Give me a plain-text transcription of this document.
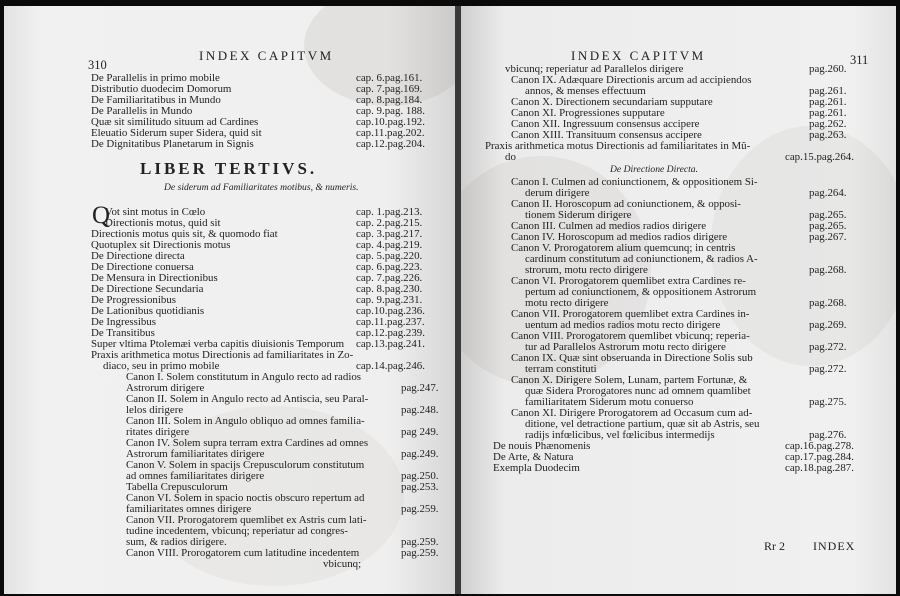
310
INDEX CAPITVM
De Parallelis in primo mobile	cap. 6.pag.161.
Distributio duodecim Domorum	cap. 7.pag.169.
De Familiaritatibus in Mundo	cap. 8.pag.184.
De Parallelis in Mundo	cap. 9.pag. 188.
Quæ sit similitudo situum ad Cardines	cap.10.pag.192.
Eleuatio Siderum super Sidera, quid sit	cap.11.pag.202.
De Dignitatibus Planetarum in Signis	cap.12.pag.204.
LIBER TERTIVS.
De siderum ad Familiaritates motibus, & numeris.
Q
Vot sint motus in Cœlo	cap. 1.pag.213.
Directionis motus, quid sit	cap. 2.pag.215.
Directionis motus quis sit, & quomodo fiat	cap. 3.pag.217.
Quotuplex sit Directionis motus	cap. 4.pag.219.
De Directione directa	cap. 5.pag.220.
De Directione conuersa	cap. 6.pag.223.
De Mensura in Directionibus	cap. 7.pag.226.
De Directione Secundaria	cap. 8.pag.230.
De Progressionibus	cap. 9.pag.231.
De Lationibus quotidianis	cap.10.pag.236.
De Ingressibus	cap.11.pag.237.
De Transitibus	cap.12.pag.239.
Super vltima Ptolemæi verba capitis diuisionis Temporum cap.13.pag.241.
Praxis arithmetica motus Directionis ad familiaritates in Zo-
diaco, seu in primo mobile	cap.14.pag.246.
Canon I. Solem constitutum in Angulo recto ad radios
Astrorum dirigere	pag.247.
Canon II. Solem in Angulo recto ad Antiscia, seu Paral-
lelos dirigere	pag.248.
Canon III. Solem in Angulo obliquo ad omnes familia-
ritates dirigere	pag 249.
Canon IV. Solem supra terram extra Cardines ad omnes
Astrorum familiaritates dirigere	pag.249.
Canon V. Solem in spacijs Crepusculorum constitutum
ad omnes familiaritates dirigere	pag.250.
Tabella Crepusculorum	pag.253.
Canon VI. Solem in spacio noctis obscuro repertum ad
familiaritates omnes dirigere	pag.259.
Canon VII. Prorogatorem quemlibet ex Astris cum lati-
tudine incedentem, vbicunq; reperiatur ad congres-
sum, & radios dirigere.	pag.259.
Canon VIII. Prorogatorem cum latitudine incedentem	pag.259.
vbicunq;
INDEX CAPITVM	311
vbicunq; reperiatur ad Parallelos dirigere	pag.260.
Canon IX. Adæquare Directionis arcum ad accipiendos
annos, & menses effectuum	pag.261.
Canon X. Directionem secundariam supputare	pag.261.
Canon XI. Progressiones supputare	pag.261.
Canon XII. Ingressuum consensus accipere	pag.262.
Canon XIII. Transituum consensus accipere	pag.263.
Praxis arithmetica motus Directionis ad familiaritates in Mũ-
do	cap.15.pag.264.
De Directione Directa.
Canon I. Culmen ad coniunctionem, & oppositionem Si-
derum dirigere	pag.264.
Canon II. Horoscopum ad coniunctionem, & opposi-
tionem Siderum dirigere	pag.265.
Canon III. Culmen ad medios radios dirigere	pag.265.
Canon IV. Horoscopum ad medios radios dirigere	pag.267.
Canon V. Prorogatorem alium quemcunq; in centris
cardinum constitutum ad coniunctionem, & radios A-
strorum, motu recto dirigere	pag.268.
Canon VI. Prorogatorem quemlibet extra Cardines re-
pertum ad coniunctionem, & oppositionem Astrorum
motu recto dirigere	pag.268.
Canon VII. Prorogatorem quemlibet extra Cardines in-
uentum ad medios radios motu recto dirigere	pag.269.
Canon VIII. Prorogatorem quemlibet vbicunq; reperia-
tur ad Parallelos Astrorum motu recto dirigere	pag.272.
Canon IX. Quæ sint obseruanda in Directione Solis sub
terram constituti	pag.272.
Canon X. Dirigere Solem, Lunam, partem Fortunæ, &
quæ Sidera Prorogatores nunc ad omnem quamlibet
familiaritatem Siderum motu conuerso	pag.275.
Canon XI. Dirigere Prorogatorem ad Occasum cum ad-
ditione, vel detractione partium, quæ sit ab Astris, seu
radijs infœlicibus, vel fœlicibus intermedijs	pag.276.
De nouis Phænomenis	cap.16.pag.278.
De Arte, & Natura	cap.17.pag.284.
Exempla Duodecim	cap.18.pag.287.
Rr 2 INDEX
